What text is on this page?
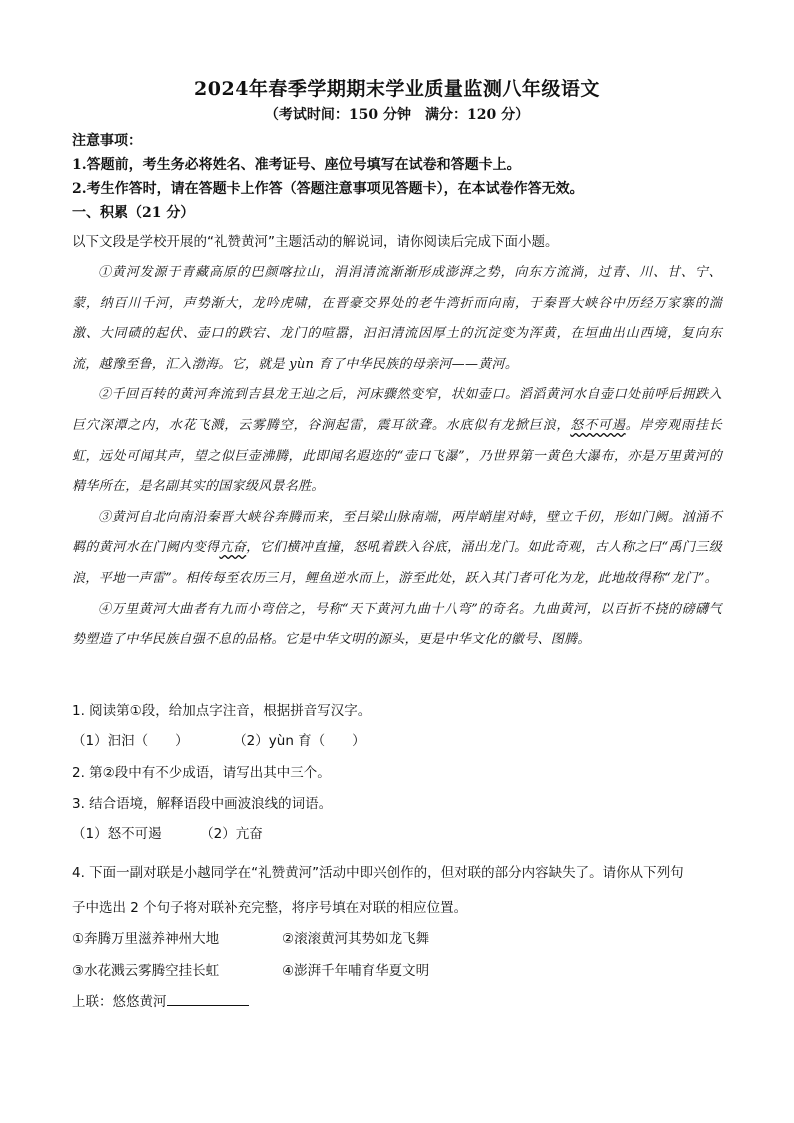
2024年春季学期期末学业质量监测八年级语文
（考试时间：150 分钟　满分：120 分）
注意事项：
1.答题前，考生务必将姓名、准考证号、座位号填写在试卷和答题卡上。
2.考生作答时，请在答题卡上作答（答题注意事项见答题卡），在本试卷作答无效。
一、积累（21 分）
以下文段是学校开展的“礼赞黄河”主题活动的解说词，请你阅读后完成下面小题。

①黄河发源于青藏高原的巴颜喀拉山，涓涓清流渐渐形成澎湃之势，向东方流淌，过青、川、甘、宁、蒙，纳百川千河，声势渐大，龙吟虎啸，在晋豪交界处的老牛湾折而向南，于秦晋大峡谷中历经万家寨的湍激、大同碛的起伏、壶口的跌宕、龙门的喧嚣，汩汩清流因厚土的沉淀变为浑黄，在垣曲出山西境，复向东流，越豫至鲁，汇入渤海。它，就是 yùn 育了中华民族的母亲河——黄河。

②千回百转的黄河奔流到吉县龙王辿之后，河床骤然变窄，状如壶口。滔滔黄河水自壶口处前呼后拥跌入巨穴深潭之内，水花飞溅，云雾腾空，谷涧起雷，震耳欲聋。水底似有龙掀巨浪，怒不可遏。岸旁观雨挂长虹，远处可闻其声，望之似巨壶沸腾，此即闻名遐迩的“壶口飞瀑”，乃世界第一黄色大瀑布，亦是万里黄河的精华所在，是名副其实的国家级风景名胜。

③黄河自北向南沿秦晋大峡谷奔腾而来，至吕梁山脉南端，两岸峭崖对峙，壁立千仞，形如门阙。汹涌不羁的黄河水在门阙内变得亢奋，它们横冲直撞，怒吼着跌入谷底，涌出龙门。如此奇观，古人称之曰“禹门三级浪，平地一声雷”。相传每至农历三月，鲤鱼逆水而上，游至此处，跃入其门者可化为龙，此地故得称“龙门”。

④万里黄河大曲者有九而小弯倍之，号称“天下黄河九曲十八弯”的奇名。九曲黄河，以百折不挠的磅礴气势塑造了中华民族自强不息的品格。它是中华文明的源头，更是中华文化的徽号、图腾。

1. 阅读第①段，给加点字注音，根据拼音写汉字。
（1）汩汩（　　）	（2）yùn 育（　　）
2. 第②段中有不少成语，请写出其中三个。
3. 结合语境，解释语段中画波浪线的词语。
（1）怒不可遏	（2）亢奋
4. 下面一副对联是小越同学在“礼赞黄河”活动中即兴创作的，但对联的部分内容缺失了。请你从下列句
子中选出 2 个句子将对联补充完整，将序号填在对联的相应位置。
①奔腾万里滋养神州大地	②滚滚黄河其势如龙飞舞
③水花溅云雾腾空挂长虹	④澎湃千年哺育华夏文明
上联：悠悠黄河
